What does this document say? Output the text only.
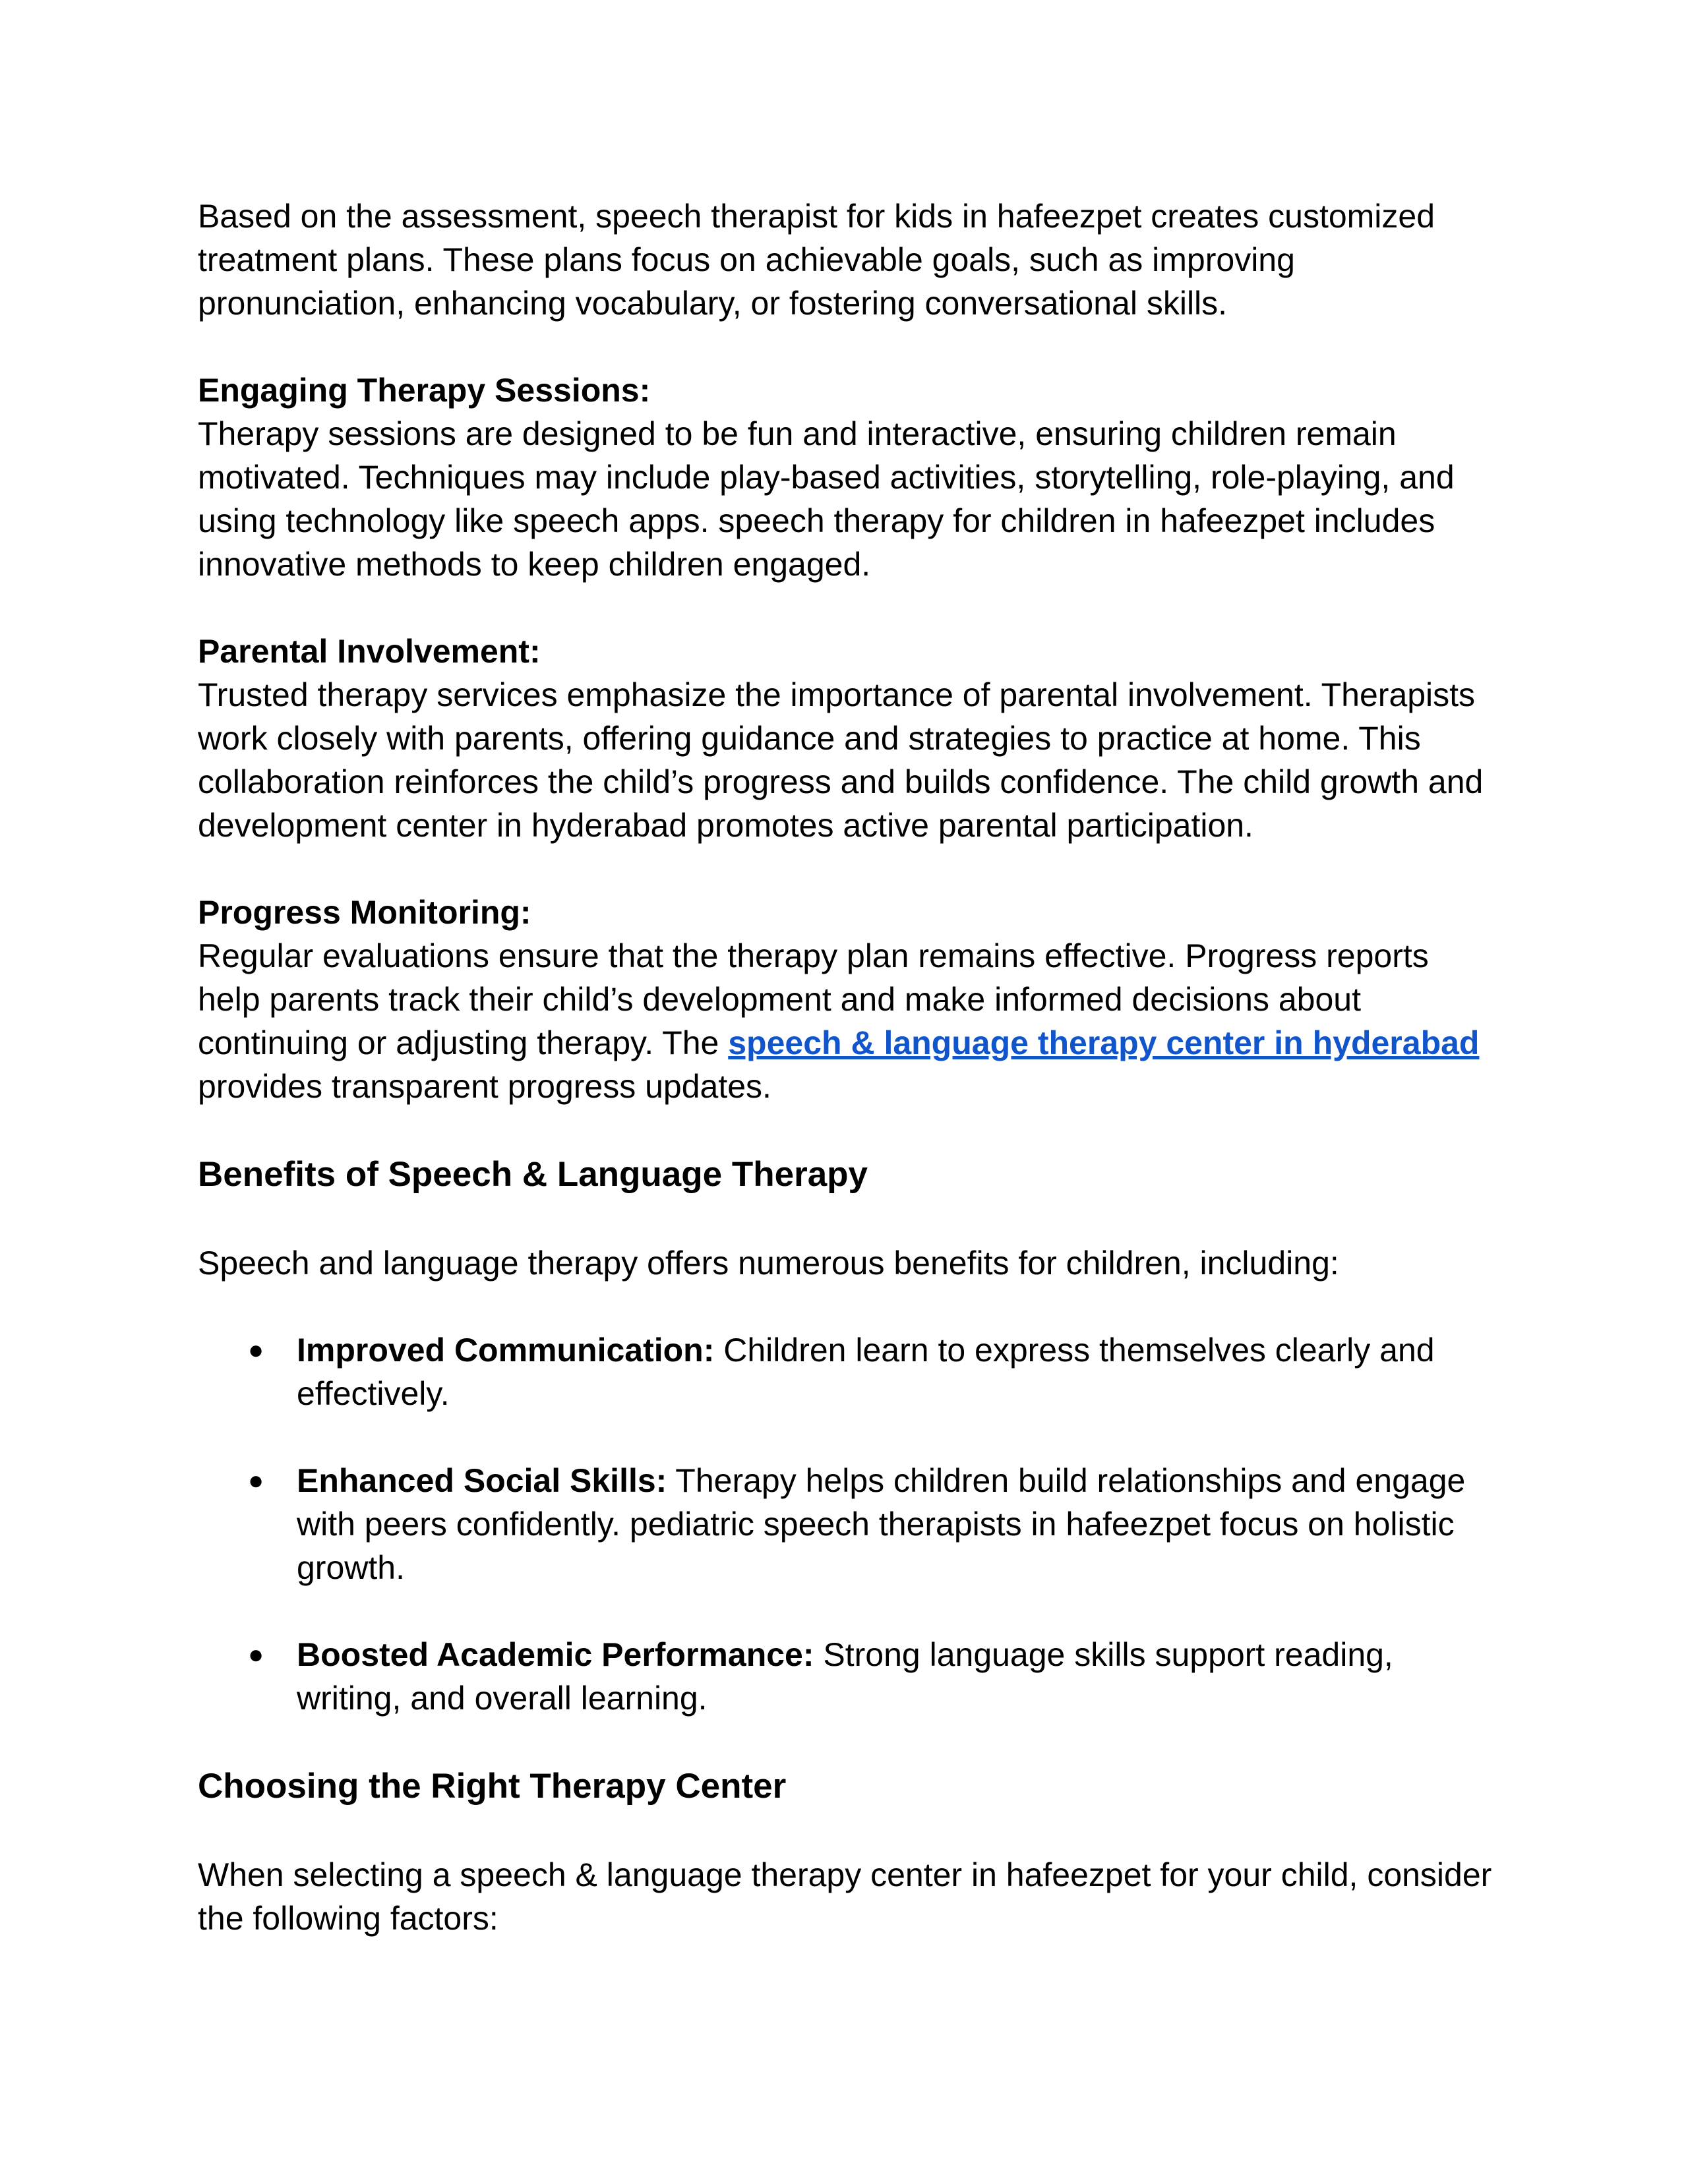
Based on the assessment, speech therapist for kids in hafeezpet creates customized treatment plans. These plans focus on achievable goals, such as improving pronunciation, enhancing vocabulary, or fostering conversational skills.

Engaging Therapy Sessions:

Therapy sessions are designed to be fun and interactive, ensuring children remain motivated. Techniques may include play-based activities, storytelling, role-playing, and using technology like speech apps. speech therapy for children in hafeezpet includes innovative methods to keep children engaged.

Parental Involvement:

Trusted therapy services emphasize the importance of parental involvement. Therapists work closely with parents, offering guidance and strategies to practice at home. This collaboration reinforces the child’s progress and builds confidence. The child growth and development center in hyderabad promotes active parental participation.

Progress Monitoring:

Regular evaluations ensure that the therapy plan remains effective. Progress reports help parents track their child’s development and make informed decisions about continuing or adjusting therapy. The speech & language therapy center in hyderabad provides transparent progress updates.

Benefits of Speech & Language Therapy

Speech and language therapy offers numerous benefits for children, including:

● Improved Communication: Children learn to express themselves clearly and effectively.
● Enhanced Social Skills: Therapy helps children build relationships and engage with peers confidently. pediatric speech therapists in hafeezpet focus on holistic growth.
● Boosted Academic Performance: Strong language skills support reading, writing, and overall learning.
Choosing the Right Therapy Center

When selecting a speech & language therapy center in hafeezpet for your child, consider the following factors:
